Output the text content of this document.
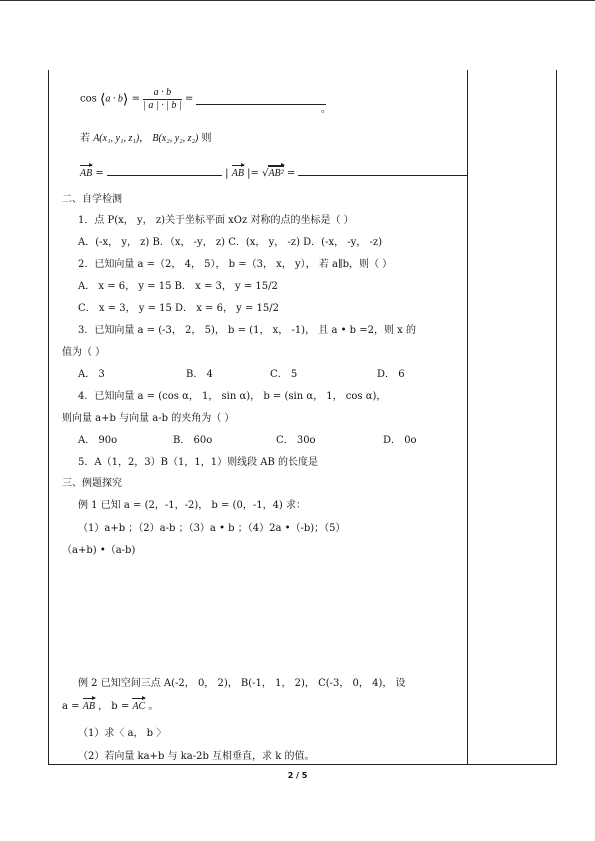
cos ⟨a · b⟩ = $\frac{a \cdot b}{| a | \cdot | b |}$ =
。
若 A(x₁, y₁, z₁)， B(x₂, y₂, z₂) 则
AB =	| AB |= √AB² =
二、自学检测
1．点 P(x， y， z)关于坐标平面 xOz 对称的点的坐标是（ ）
A．(-x， y， z) B．（x， -y， z) C．(x， y， -z) D．(-x， -y， -z)
2．已知向量 a =（2， 4， 5）， b =（3， x， y）， 若 a∥b，则（ ）
A． x = 6， y = 15 B． x = 3， y = 15/2
C． x = 3， y = 15 D． x = 6， y = 15/2
3．已知向量 a = (-3， 2， 5)， b = (1， x， -1)， 且 a • b =2，则 x 的
值为（ ）
A． 3	B． 4	C． 5	D． 6
4．已知向量 a = (cos α， 1， sin α)， b = (sin α， 1， cos α)，
则向量 a+b 与向量 a-b 的夹角为（ ）
A． 90o	B． 60o	C． 30o	D． 0o
5．A（1，2，3）B（1，1，1）则线段 AB 的长度是
三、例题探究
例 1 已知 a = (2，-1，-2)， b = (0，-1，4) 求：
（1）a+b ；（2）a-b ；（3）a • b ；（4）2a •（-b)；（5）
（a+b) •（a-b)
例 2 已知空间三点 A(-2， 0， 2)， B(-1， 1， 2)， C(-3， 0， 4)， 设
a = AB ， b = AC 。
（1）求〈 a， b 〉
（2）若向量 ka+b 与 ka-2b 互相垂直，求 k 的值。
2 / 5
